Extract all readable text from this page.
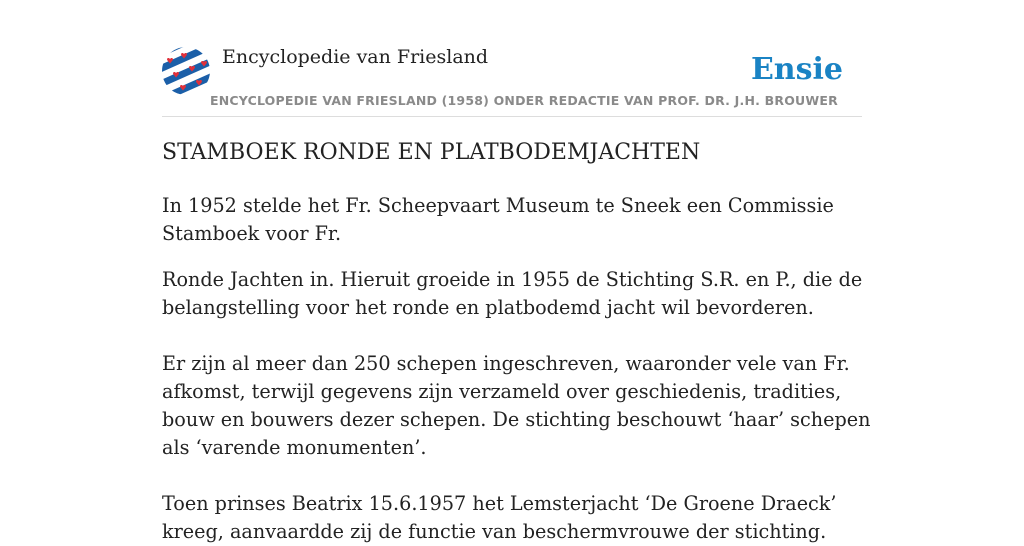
Encyclopedie van Friesland	Ensie
ENCYCLOPEDIE VAN FRIESLAND (1958) ONDER REDACTIE VAN PROF. DR. J.H. BROUWER
STAMBOEK RONDE EN PLATBODEMJACHTEN

In 1952 stelde het Fr. Scheepvaart Museum te Sneek een Commissie Stamboek voor Fr.

Ronde Jachten in. Hieruit groeide in 1955 de Stichting S.R. en P., die de belangstelling voor het ronde en platbodemd jacht wil bevorderen.

Er zijn al meer dan 250 schepen ingeschreven, waaronder vele van Fr. afkomst, terwijl gegevens zijn verzameld over geschiedenis, tradities, bouw en bouwers dezer schepen. De stichting beschouwt ‘haar’ schepen als ‘varende monumenten’.

Toen prinses Beatrix 15.6.1957 het Lemsterjacht ‘De Groene Draeck’ kreeg, aanvaardde zij de functie van beschermvrouwe der stichting.
